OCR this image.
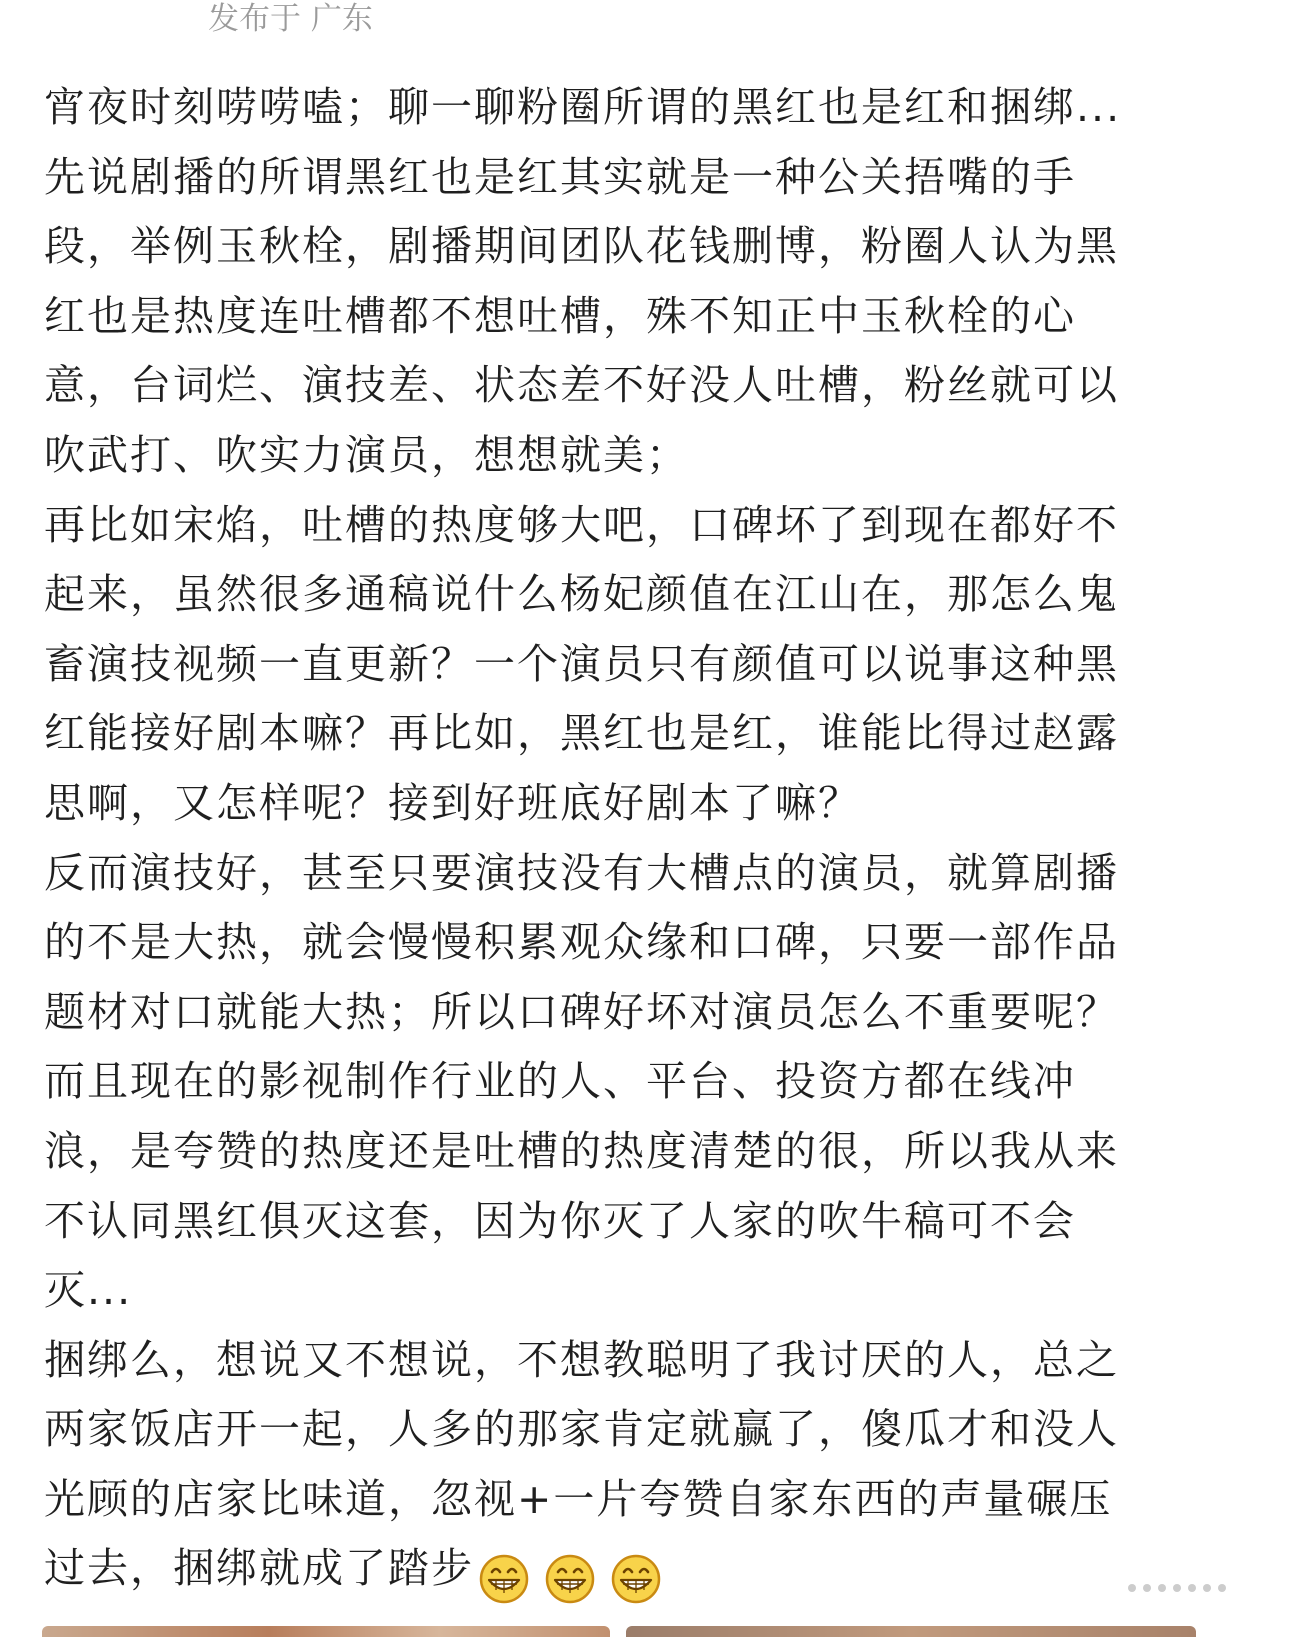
发布于 广东
宵夜时刻唠唠嗑；聊一聊粉圈所谓的黑红也是红和捆绑...
先说剧播的所谓黑红也是红其实就是一种公关捂嘴的手
段，举例玉秋栓，剧播期间团队花钱删博，粉圈人认为黑
红也是热度连吐槽都不想吐槽，殊不知正中玉秋栓的心
意，台词烂、演技差、状态差不好没人吐槽，粉丝就可以
吹武打、吹实力演员，想想就美；
再比如宋焰，吐槽的热度够大吧，口碑坏了到现在都好不
起来，虽然很多通稿说什么杨妃颜值在江山在，那怎么鬼
畜演技视频一直更新？一个演员只有颜值可以说事这种黑
红能接好剧本嘛？再比如，黑红也是红，谁能比得过赵露
思啊，又怎样呢？接到好班底好剧本了嘛？
反而演技好，甚至只要演技没有大槽点的演员，就算剧播
的不是大热，就会慢慢积累观众缘和口碑，只要一部作品
题材对口就能大热；所以口碑好坏对演员怎么不重要呢？
而且现在的影视制作行业的人、平台、投资方都在线冲
浪，是夸赞的热度还是吐槽的热度清楚的很，所以我从来
不认同黑红俱灭这套，因为你灭了人家的吹牛稿可不会
灭...
捆绑么，想说又不想说，不想教聪明了我讨厌的人，总之
两家饭店开一起，人多的那家肯定就赢了，傻瓜才和没人
光顾的店家比味道，忽视+一片夸赞自家东西的声量碾压
过去，捆绑就成了踏步
